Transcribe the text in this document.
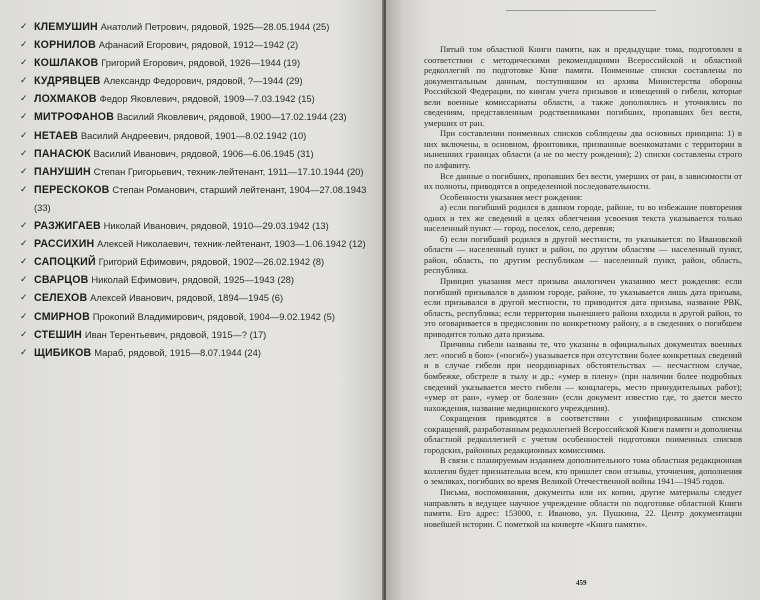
✓ КЛЕМУШИН Анатолий Петрович, рядовой, 1925—28.05.1944 (25)
✓ КОРНИЛОВ Афанасий Егорович, рядовой, 1912—1942 (2)
✓ КОШЛАКОВ Григорий Егорович, рядовой, 1926—1944 (19)
✓ КУДРЯВЦЕВ Александр Федорович, рядовой, ?—1944 (29)
✓ ЛОХМАКОВ Федор Яковлевич, рядовой, 1909—7.03.1942 (15)
✓ МИТРОФАНОВ Василий Яковлевич, рядовой, 1900—17.02.1944 (23)
✓ НЕТАЕВ Василий Андреевич, рядовой, 1901—8.02.1942 (10)
✓ ПАНАСЮК Василий Иванович, рядовой, 1906—6.06.1945 (31)
✓ ПАНУШИН Степан Григорьевич, техник-лейтенант, 1911—17.10.1944 (20)
✓ ПЕРЕСКОКОВ Степан Романович, старший лейтенант, 1904—27.08.1943 (33)
✓ РАЗЖИГАЕВ Николай Иванович, рядовой, 1910—29.03.1942 (13)
✓ РАССИХИН Алексей Николаевич, техник-лейтенант, 1903—1.06.1942 (12)
✓ САПОЦКИЙ Григорий Ефимович, рядовой, 1902—26.02.1942 (8)
✓ СВАРЦОВ Николай Ефимович, рядовой, 1925—1943 (28)
✓ СЕЛЕХОВ Алексей Иванович, рядовой, 1894—1945 (6)
✓ СМИРНОВ Прокопий Владимирович, рядовой, 1904—9.02.1942 (5)
✓ СТЕШИН Иван Терентьевич, рядовой, 1915—? (17)
✓ ЩИБИКОВ Мараб, рядовой, 1915—8.07.1944 (24)

Пятый том областной Книги памяти, как и предыдущие тома, подготовлен в соответствии с методическими рекомендациями Всероссийской и областной редколлегий по подготовке Книг памяти. Поименные списки составлены по документальным данным, поступившим из архива Министерства обороны Российской Федерации, по книгам учета призывов и извещений о гибели, которые вели военные комиссариаты области, а также дополнялись и уточнялись по сведениям, представленным родственниками погибших, пропавших без вести, умерших от ран.

При составлении поименных списков соблюдены два основных принципа: 1) в них включены, в основном, фронтовики, призванные военкоматами с территории в нынешних границах области (а не по месту рождения); 2) списки составлены строго по алфавиту.

Все данные о погибших, пропавших без вести, умерших от ран, в зависимости от их полноты, приводятся в определенной последовательности.

Особенности указания мест рождения:

а) если погибший родился в данном городе, районе, то во избежание повторения одних и тех же сведений в целях облегчения усвоения текста указывается только населенный пункт — город, поселок, село, деревня;

б) если погибший родился в другой местности, то указывается: по Ивановской области — населенный пункт и район, по другим областям — населенный пункт, район, область, по другим республикам — населенный пункт, район, область, республика.

Принцип указания мест призыва аналогичен указанию мест рождения: если погибший призывался в данном городе, районе, то указывается лишь дата призыва, если призывался в другой местности, то приводится дата призыва, название РВК, область, республика; если территория нынешнего района входила в другой район, то это оговаривается в предисловии по конкретному району, а в сведениях о погибшем приводится только дата призыва.

Причины гибели названы те, что указаны в официальных документах военных лет: «погиб в бою» («погиб») указывается при отсутствии более конкретных сведений и в случае гибели при неординарных обстоятельствах — несчастном случае, бомбежке, обстреле в тылу и др.; «умер в плену» (при наличии более подробных сведений указывается место гибели — концлагерь, место принудительных работ); «умер от ран», «умер от болезни» (если документ известно где, то дается место нахождения, название медицинского учреждения).

Сокращения приводятся в соответствии с унифицированным списком сокращений, разработанным редколлегией Всероссийской Книги памяти и дополнены областной редколлегией с учетом особенностей подготовки поименных списков городских, районных редакционных комиссиями.

В связи с планируемым изданием дополнительного тома областная редакционная коллегия будет признательна всем, кто пришлет свои отзывы, уточнения, дополнения о земляках, погибших во время Великой Отечественной войны 1941—1945 годов.

Письма, воспоминания, документы или их копии, другие материалы следует направлять в ведущее научное учреждение области по подготовке областной Книги памяти. Его адрес: 153000, г. Иваново, ул. Пушкина, 22. Центр документации новейшей истории. С пометкой на конверте «Книга памяти».

459
